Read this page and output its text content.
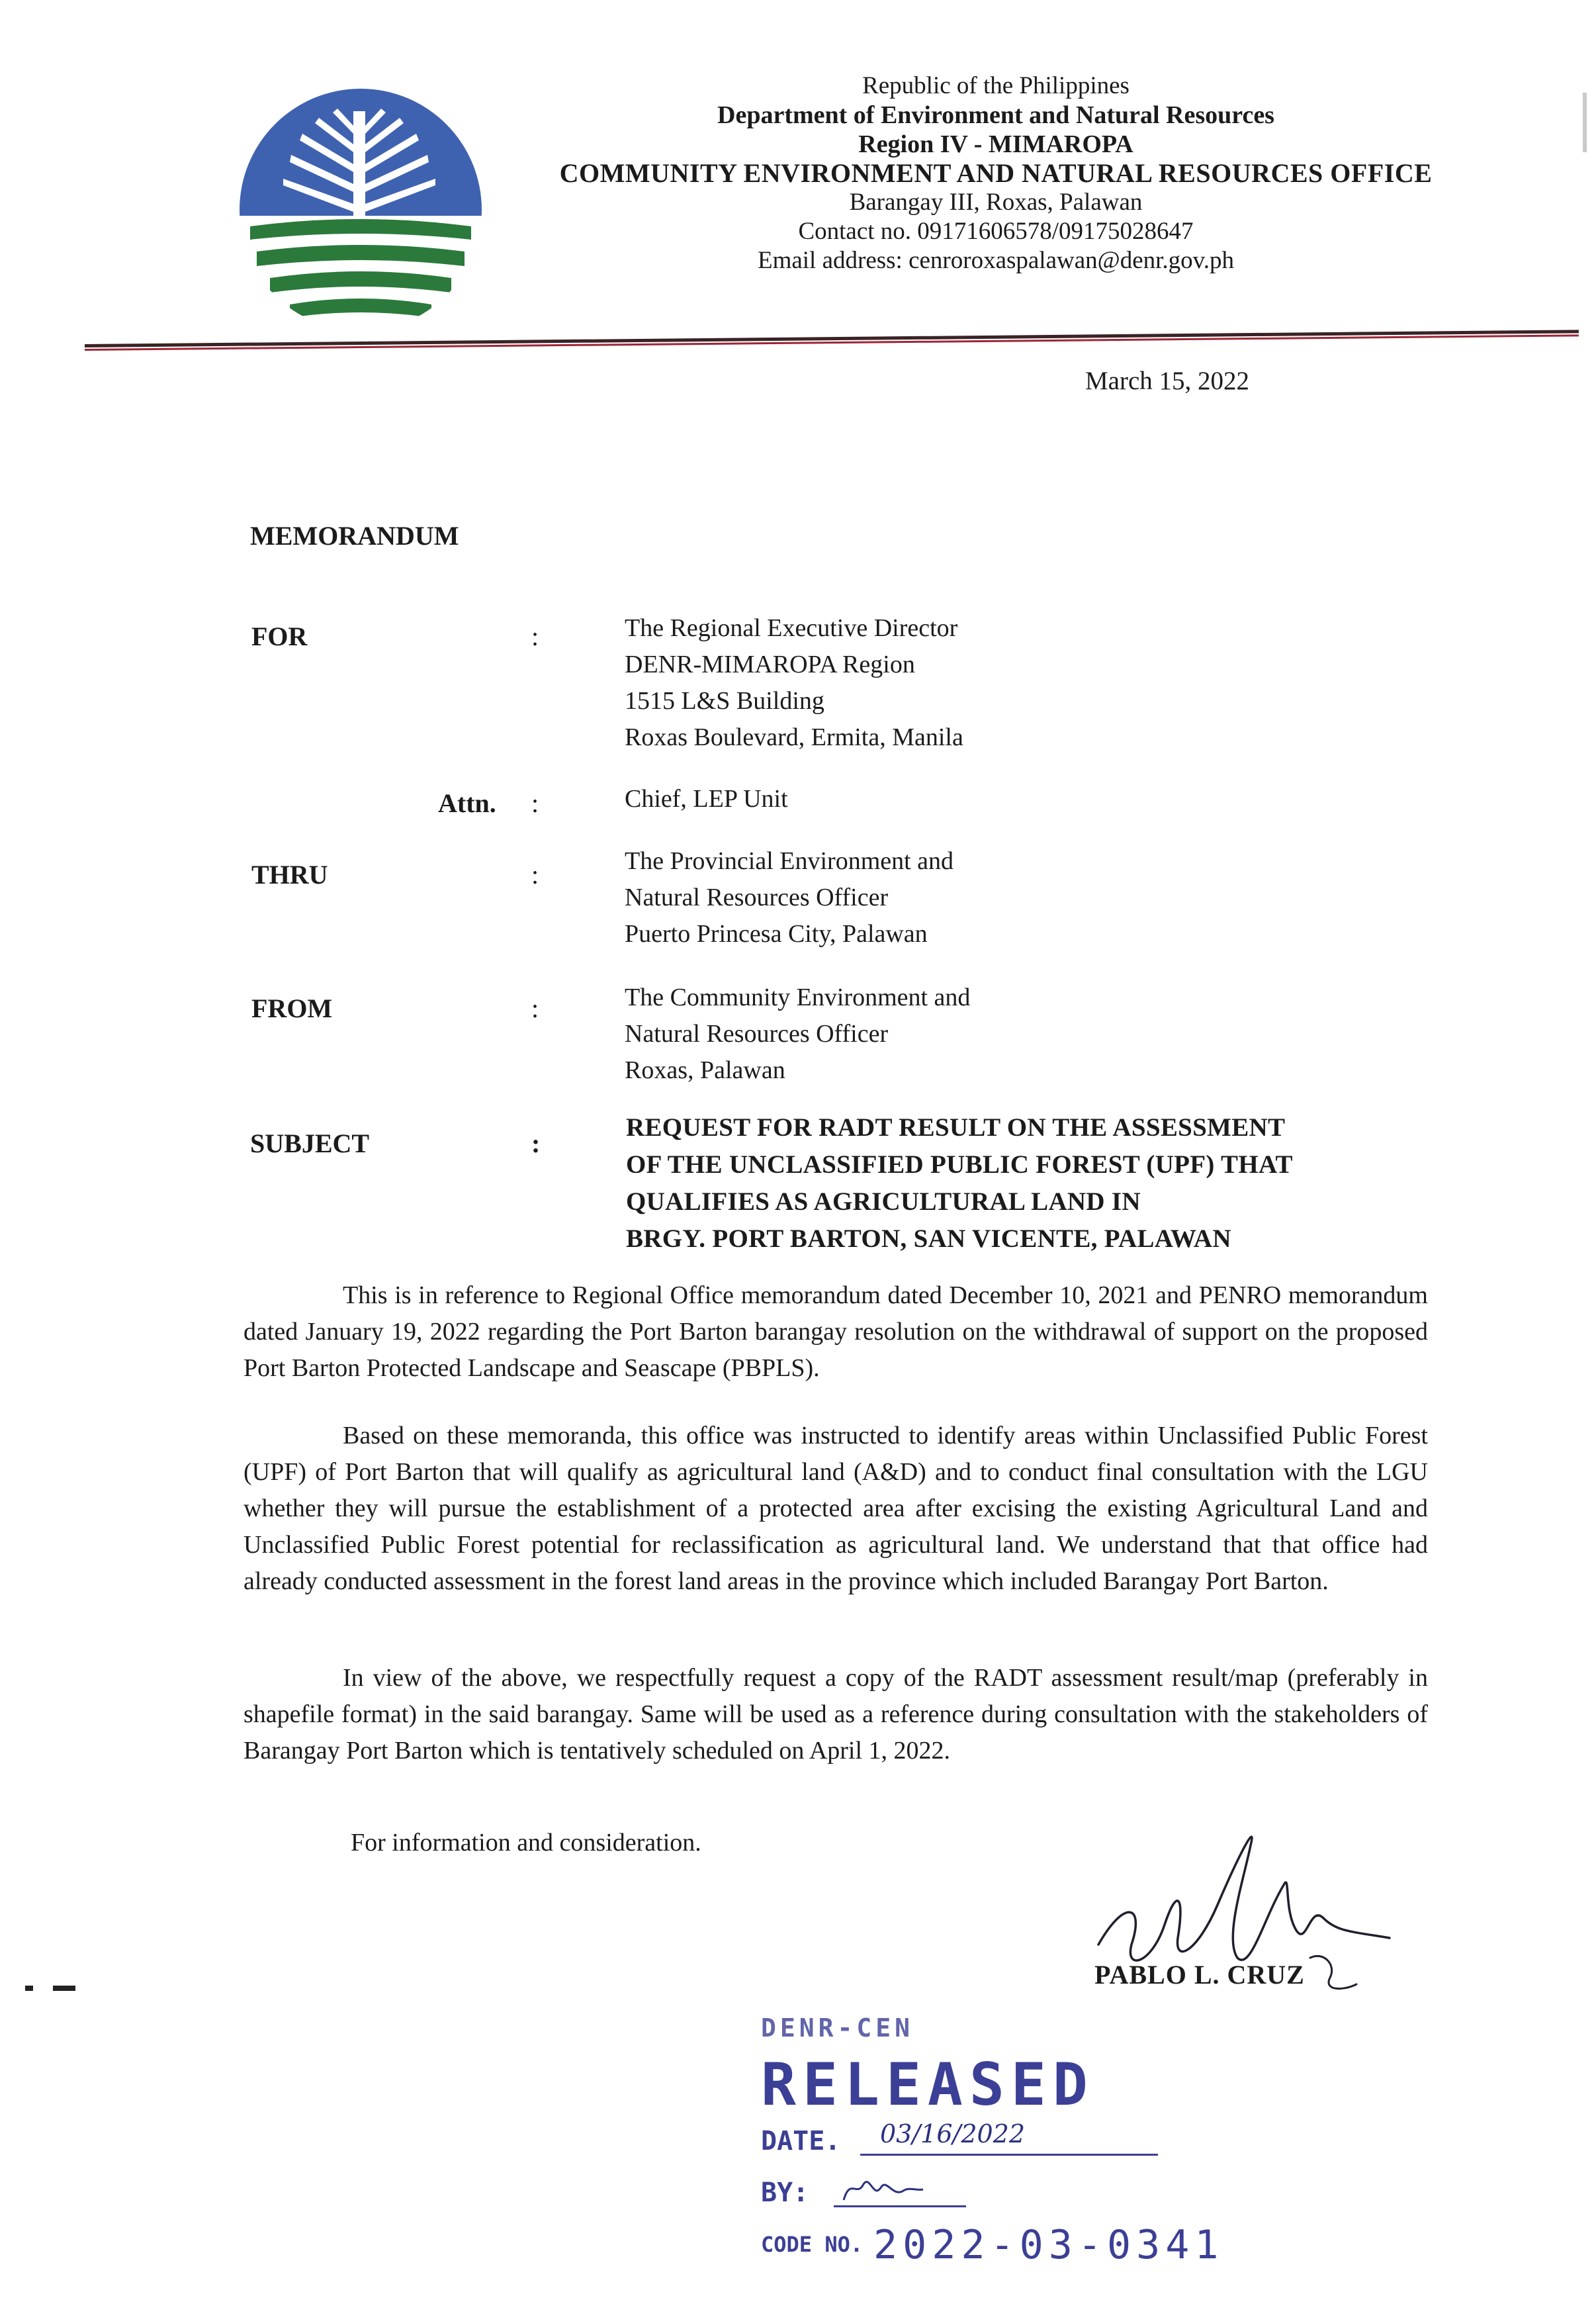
Republic of the Philippines
Department of Environment and Natural Resources
Region IV - MIMAROPA
COMMUNITY ENVIRONMENT AND NATURAL RESOURCES OFFICE
Barangay III, Roxas, Palawan
Contact no. 09171606578/09175028647
Email address: cenroroxaspalawan@denr.gov.ph
March 15, 2022
MEMORANDUM
FOR	:	The Regional Executive Director
DENR-MIMAROPA Region
1515 L&S Building
Roxas Boulevard, Ermita, Manila
Attn. :	Chief, LEP Unit
THRU	:	The Provincial Environment and
Natural Resources Officer
Puerto Princesa City, Palawan
FROM	:	The Community Environment and
Natural Resources Officer
Roxas, Palawan
SUBJECT	:
REQUEST FOR RADT RESULT ON THE ASSESSMENT
OF THE UNCLASSIFIED PUBLIC FOREST (UPF) THAT
QUALIFIES AS AGRICULTURAL LAND IN
BRGY. PORT BARTON, SAN VICENTE, PALAWAN

This is in reference to Regional Office memorandum dated December 10, 2021 and PENRO memorandum dated January 19, 2022 regarding the Port Barton barangay resolution on the withdrawal of support on the proposed Port Barton Protected Landscape and Seascape (PBPLS).

Based on these memoranda, this office was instructed to identify areas within Unclassified Public Forest (UPF) of Port Barton that will qualify as agricultural land (A&D) and to conduct final consultation with the LGU whether they will pursue the establishment of a protected area after excising the existing Agricultural Land and Unclassified Public Forest potential for reclassification as agricultural land. We understand that that office had already conducted assessment in the forest land areas in the province which included Barangay Port Barton.

In view of the above, we respectfully request a copy of the RADT assessment result/map (preferably in shapefile format) in the said barangay. Same will be used as a reference during consultation with the stakeholders of Barangay Port Barton which is tentatively scheduled on April 1, 2022.

For information and consideration.
PABLO L. CRUZ
DENR-CEN
RELEASED
DATE. 03/16/2022
BY:
CODE NO. 2022-03-0341
